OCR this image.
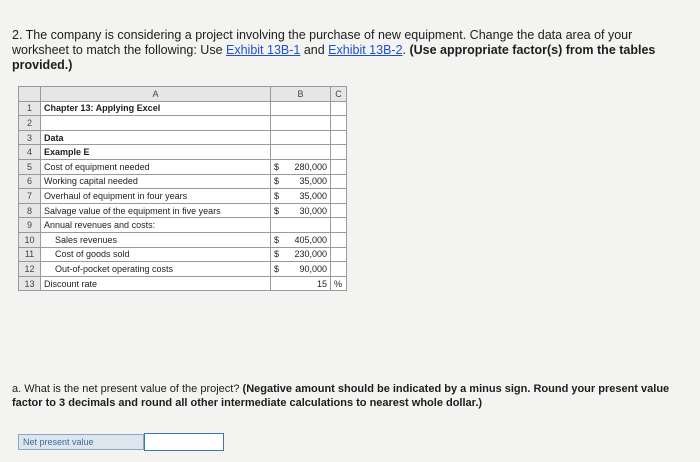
2. The company is considering a project involving the purchase of new equipment. Change the data area of your worksheet to match the following: Use Exhibit 13B-1 and Exhibit 13B-2. (Use appropriate factor(s) from the tables provided.)
	A	B	C
1	Chapter 13: Applying Excel	

2		

3	Data	

4	Example E	

5	Cost of equipment needed	$ 280,000	

6	Working capital needed	$ 35,000	

7	Overhaul of equipment in four years	$ 35,000	

8	Salvage value of the equipment in five years	$ 30,000	

9	Annual revenues and costs:	

10	Sales revenues	$ 405,000	

11	Cost of goods sold	$ 230,000	

12	Out-of-pocket operating costs	$ 90,000	

13	Discount rate	15	%
a. What is the net present value of the project? (Negative amount should be indicated by a minus sign. Round your present value factor to 3 decimals and round all other intermediate calculations to nearest whole dollar.)
Net present value
